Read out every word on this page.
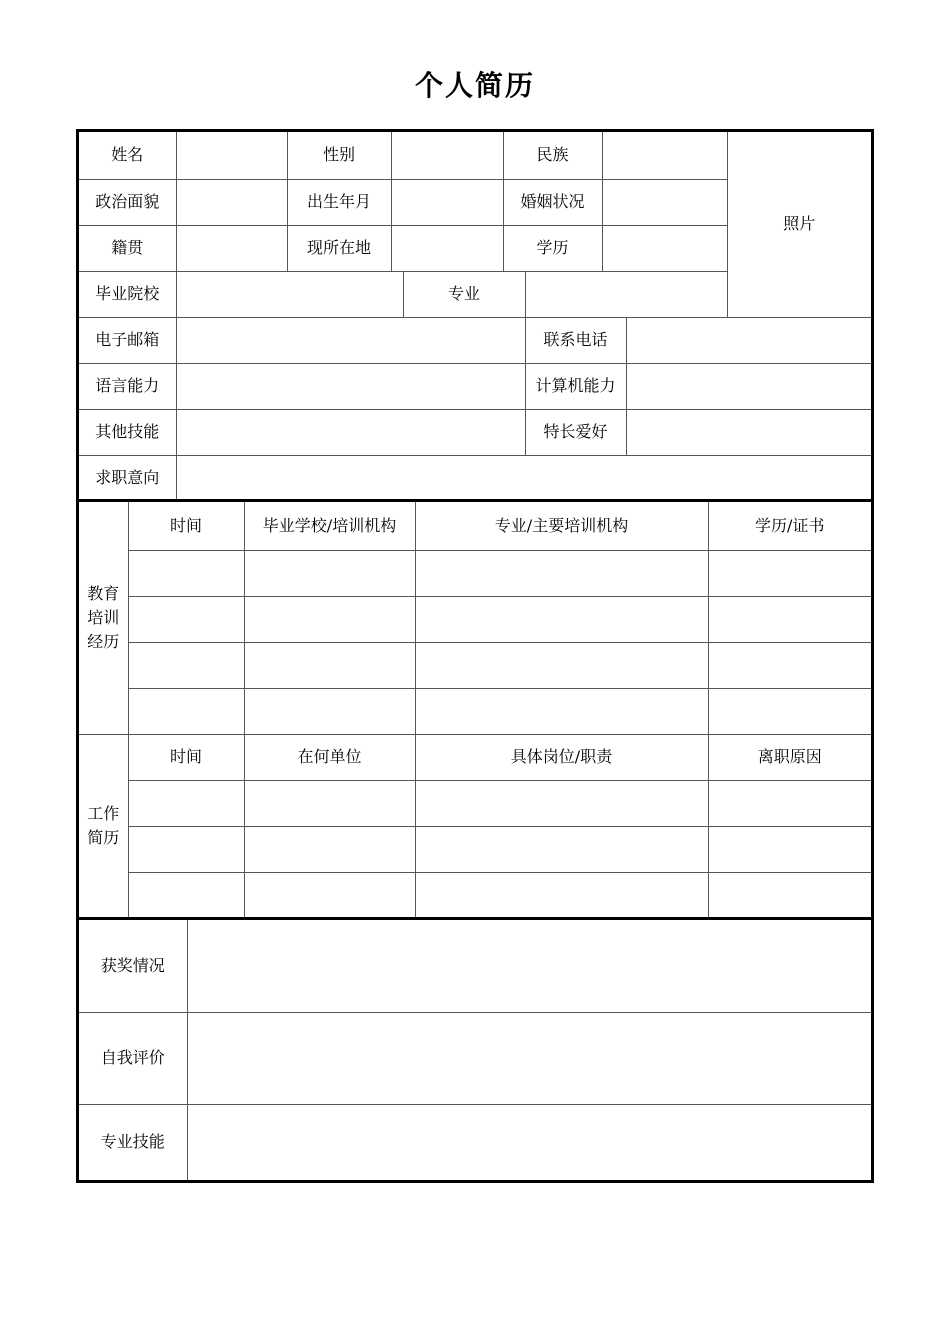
个人简历
姓名		性别			民族				照片
政治面貌		出生年月			婚姻状况				
籍贯		现所在地			学历				
毕业院校				专业					
电子邮箱						联系电话			
语言能力						计算机能力			
其他技能						特长爱好			
求职意向									
教育
培训
经历	时间	毕业学校/培训机构	专业/主要培训机构	学历/证书

工作
简历	时间	在何单位	具体岗位/职责	离职原因

获奖情况	
自我评价	
专业技能	
